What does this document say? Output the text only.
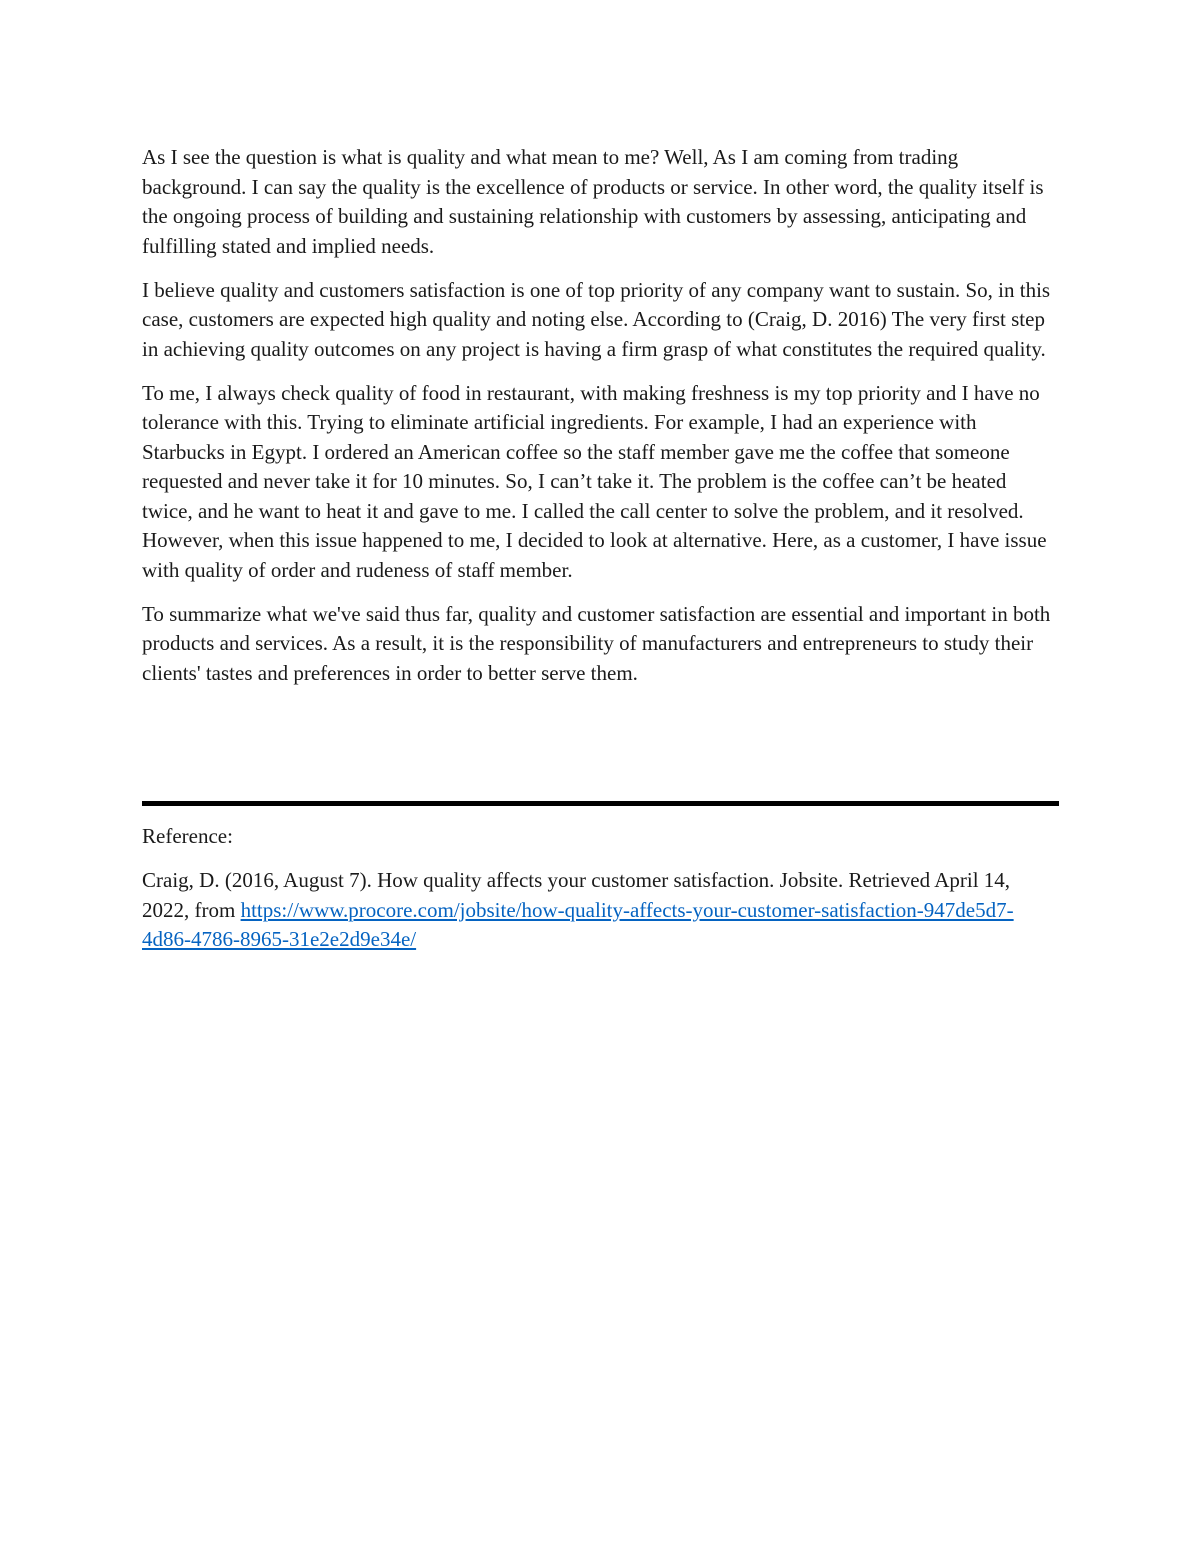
As I see the question is what is quality and what mean to me? Well, As I am coming from trading background. I can say the quality is the excellence of products or service. In other word, the quality itself is the ongoing process of building and sustaining relationship with customers by assessing, anticipating and fulfilling stated and implied needs.

I believe quality and customers satisfaction is one of top priority of any company want to sustain. So, in this case, customers are expected high quality and noting else. According to (Craig, D. 2016) The very first step in achieving quality outcomes on any project is having a firm grasp of what constitutes the required quality.

To me, I always check quality of food in restaurant, with making freshness is my top priority and I have no tolerance with this. Trying to eliminate artificial ingredients. For example, I had an experience with Starbucks in Egypt. I ordered an American coffee so the staff member gave me the coffee that someone requested and never take it for 10 minutes. So, I can’t take it. The problem is the coffee can’t be heated twice, and he want to heat it and gave to me. I called the call center to solve the problem, and it resolved. However, when this issue happened to me, I decided to look at alternative. Here, as a customer, I have issue with quality of order and rudeness of staff member.

To summarize what we've said thus far, quality and customer satisfaction are essential and important in both products and services. As a result, it is the responsibility of manufacturers and entrepreneurs to study their clients' tastes and preferences in order to better serve them.

Reference:

Craig, D. (2016, August 7). How quality affects your customer satisfaction. Jobsite. Retrieved April 14, 2022, from https://www.procore.com/jobsite/how-quality-affects-your-customer-satisfaction-947de5d7-4d86-4786-8965-31e2e2d9e34e/
